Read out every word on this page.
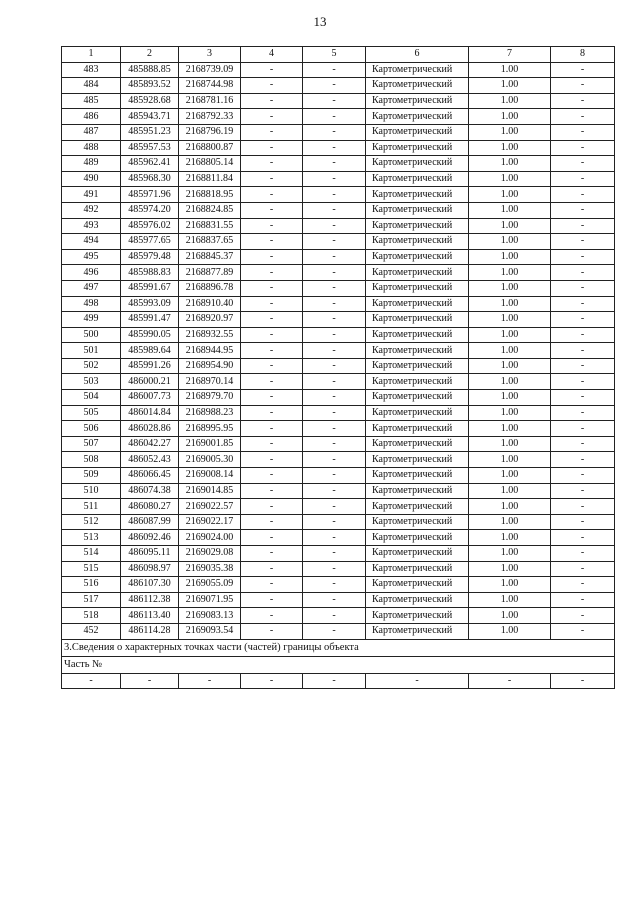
13
1	2	3	4	5	6	7	8
483	485888.85	2168739.09	-	-	Картометрический	1.00	-
484	485893.52	2168744.98	-	-	Картометрический	1.00	-
485	485928.68	2168781.16	-	-	Картометрический	1.00	-
486	485943.71	2168792.33	-	-	Картометрический	1.00	-
487	485951.23	2168796.19	-	-	Картометрический	1.00	-
488	485957.53	2168800.87	-	-	Картометрический	1.00	-
489	485962.41	2168805.14	-	-	Картометрический	1.00	-
490	485968.30	2168811.84	-	-	Картометрический	1.00	-
491	485971.96	2168818.95	-	-	Картометрический	1.00	-
492	485974.20	2168824.85	-	-	Картометрический	1.00	-
493	485976.02	2168831.55	-	-	Картометрический	1.00	-
494	485977.65	2168837.65	-	-	Картометрический	1.00	-
495	485979.48	2168845.37	-	-	Картометрический	1.00	-
496	485988.83	2168877.89	-	-	Картометрический	1.00	-
497	485991.67	2168896.78	-	-	Картометрический	1.00	-
498	485993.09	2168910.40	-	-	Картометрический	1.00	-
499	485991.47	2168920.97	-	-	Картометрический	1.00	-
500	485990.05	2168932.55	-	-	Картометрический	1.00	-
501	485989.64	2168944.95	-	-	Картометрический	1.00	-
502	485991.26	2168954.90	-	-	Картометрический	1.00	-
503	486000.21	2168970.14	-	-	Картометрический	1.00	-
504	486007.73	2168979.70	-	-	Картометрический	1.00	-
505	486014.84	2168988.23	-	-	Картометрический	1.00	-
506	486028.86	2168995.95	-	-	Картометрический	1.00	-
507	486042.27	2169001.85	-	-	Картометрический	1.00	-
508	486052.43	2169005.30	-	-	Картометрический	1.00	-
509	486066.45	2169008.14	-	-	Картометрический	1.00	-
510	486074.38	2169014.85	-	-	Картометрический	1.00	-
511	486080.27	2169022.57	-	-	Картометрический	1.00	-
512	486087.99	2169022.17	-	-	Картометрический	1.00	-
513	486092.46	2169024.00	-	-	Картометрический	1.00	-
514	486095.11	2169029.08	-	-	Картометрический	1.00	-
515	486098.97	2169035.38	-	-	Картометрический	1.00	-
516	486107.30	2169055.09	-	-	Картометрический	1.00	-
517	486112.38	2169071.95	-	-	Картометрический	1.00	-
518	486113.40	2169083.13	-	-	Картометрический	1.00	-
452	486114.28	2169093.54	-	-	Картометрический	1.00	-
3.Сведения о характерных точках части (частей) границы объекта							
Часть №							
-	-	-	-	-	-	-	-
